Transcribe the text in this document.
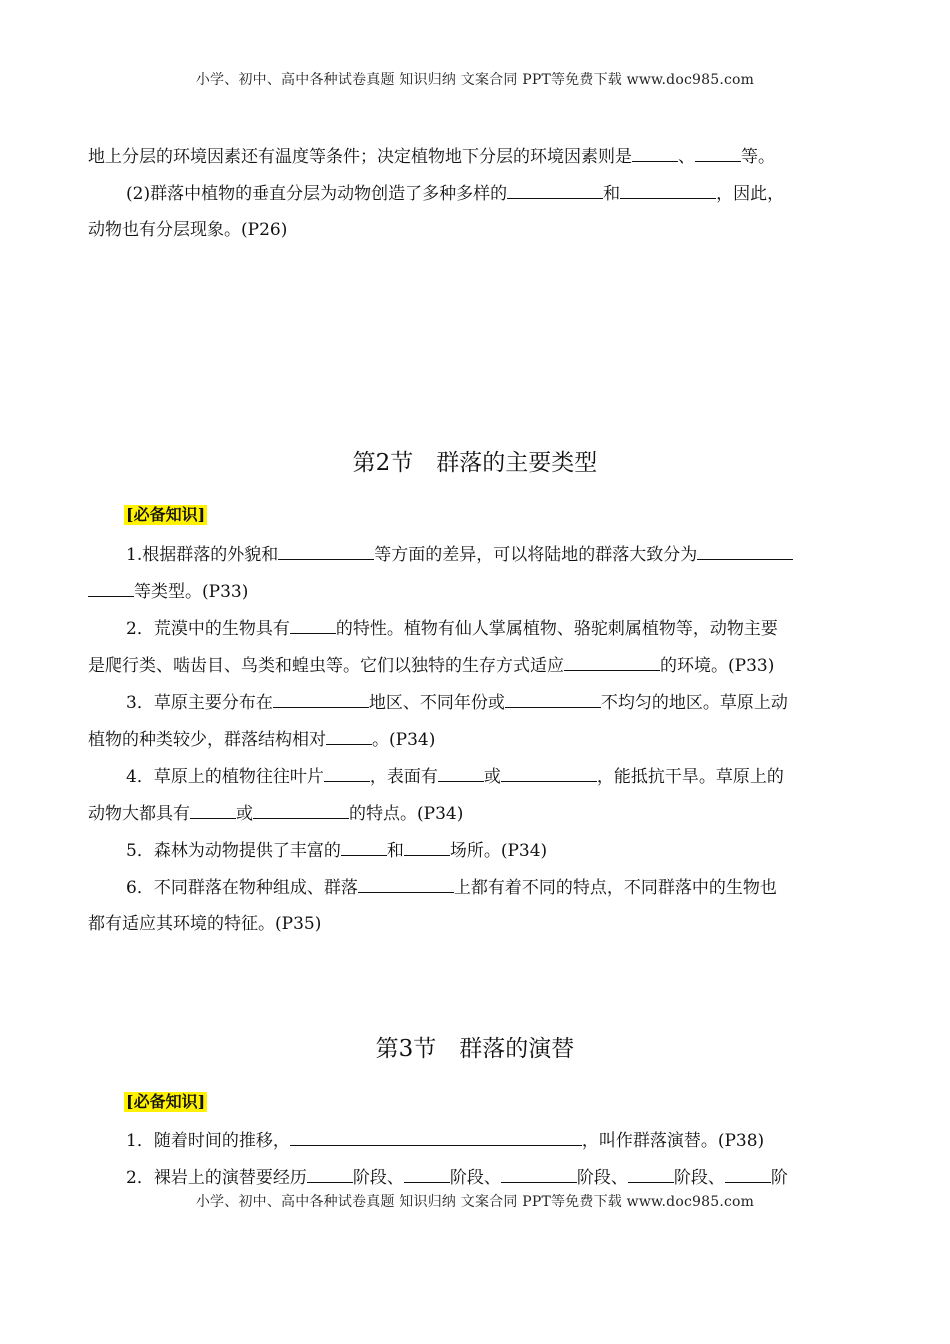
小学、初中、高中各种试卷真题 知识归纳 文案合同 PPT等免费下载 www.doc985.com
地上分层的环境因素还有温度等条件；决定植物地下分层的环境因素则是	、	等。
(2)群落中植物的垂直分层为动物创造了多种多样的	和	，因此，
动物也有分层现象。(P26)
第2节　群落的主要类型
[必备知识]
1.根据群落的外貌和	等方面的差异，可以将陆地的群落大致分为
等类型。(P33)
2．荒漠中的生物具有	的特性。植物有仙人掌属植物、骆驼刺属植物等，动物主要
是爬行类、啮齿目、鸟类和蝗虫等。它们以独特的生存方式适应	的环境。(P33)
3．草原主要分布在	地区、不同年份或	不均匀的地区。草原上动
植物的种类较少，群落结构相对	。(P34)
4．草原上的植物往往叶片	，表面有	或	，能抵抗干旱。草原上的
动物大都具有	或	的特点。(P34)
5．森林为动物提供了丰富的	和	场所。(P34)
6．不同群落在物种组成、群落	上都有着不同的特点，不同群落中的生物也
都有适应其环境的特征。(P35)
第3节　群落的演替
[必备知识]
1．随着时间的推移，	，叫作群落演替。(P38)
2．裸岩上的演替要经历	阶段、	阶段、	阶段、	阶段、	阶
小学、初中、高中各种试卷真题 知识归纳 文案合同 PPT等免费下载 www.doc985.com
